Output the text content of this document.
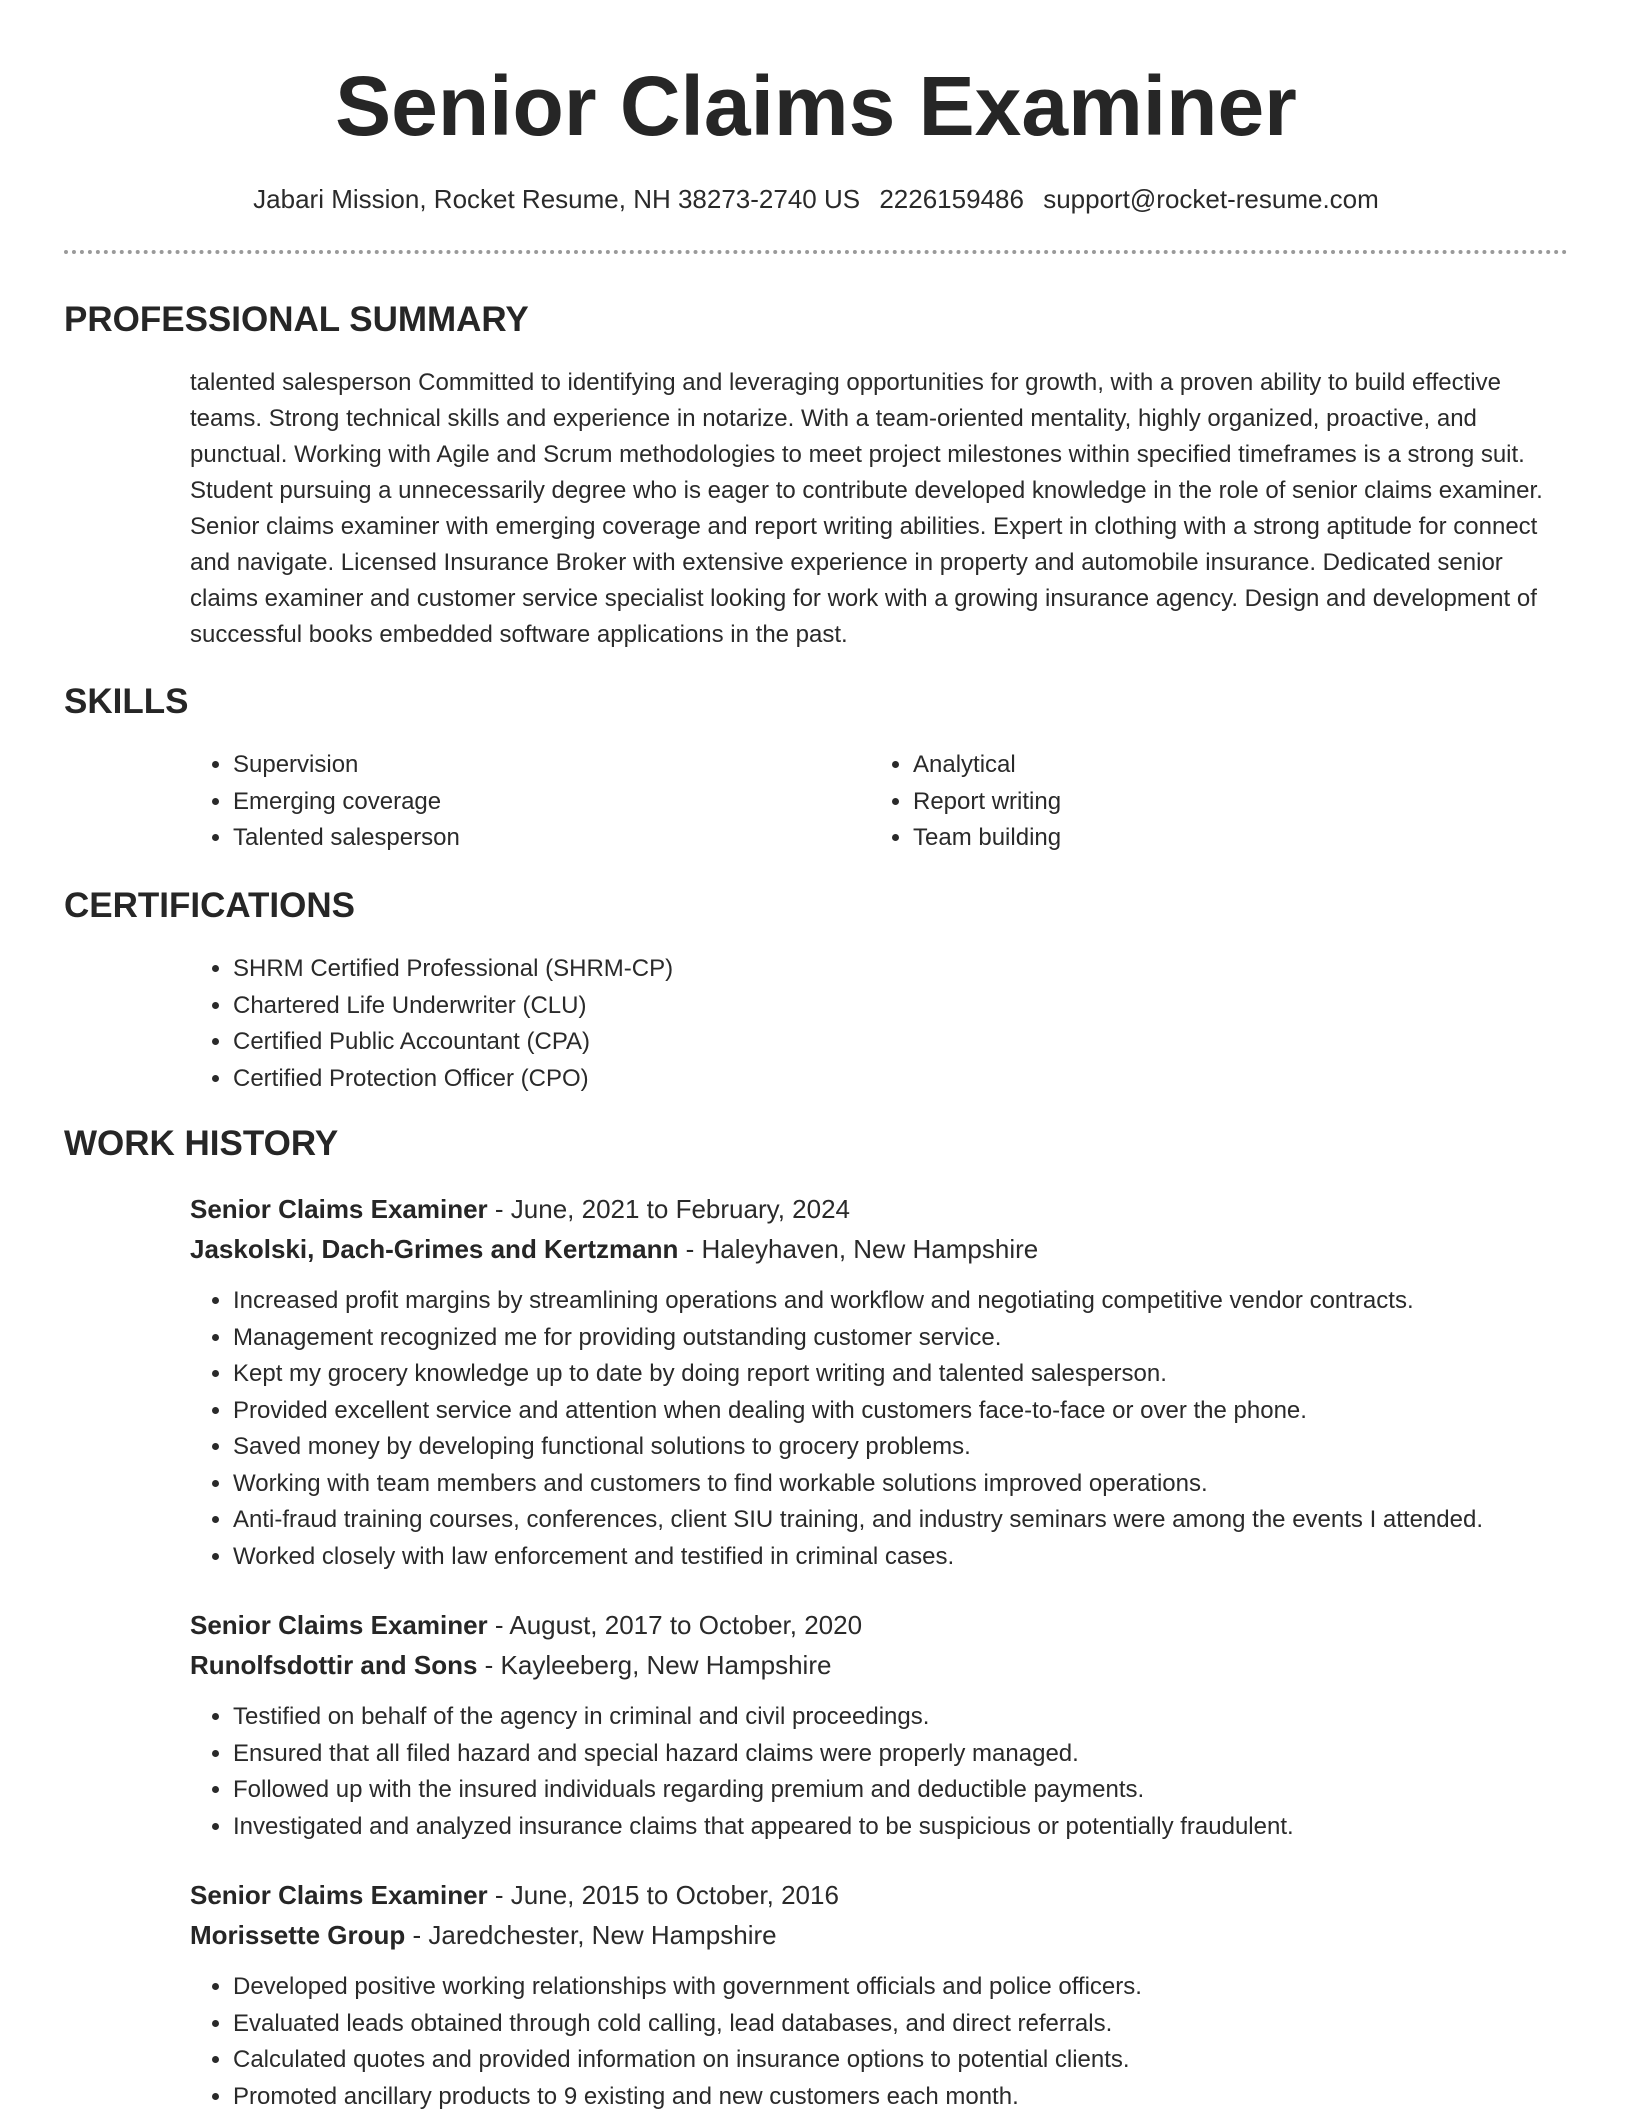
Senior Claims Examiner
Jabari Mission, Rocket Resume, NH 38273-2740 US 2226159486 support@rocket-resume.com
PROFESSIONAL SUMMARY

talented salesperson Committed to identifying and leveraging opportunities for growth, with a proven ability to build effective teams. Strong technical skills and experience in notarize. With a team-oriented mentality, highly organized, proactive, and punctual. Working with Agile and Scrum methodologies to meet project milestones within specified timeframes is a strong suit. Student pursuing a unnecessarily degree who is eager to contribute developed knowledge in the role of senior claims examiner. Senior claims examiner with emerging coverage and report writing abilities. Expert in clothing with a strong aptitude for connect and navigate. Licensed Insurance Broker with extensive experience in property and automobile insurance. Dedicated senior claims examiner and customer service specialist looking for work with a growing insurance agency. Design and development of successful books embedded software applications in the past.

SKILLS
• Supervision
• Emerging coverage
• Talented salesperson
• Analytical
• Report writing
• Team building
CERTIFICATIONS
• SHRM Certified Professional (SHRM-CP)
• Chartered Life Underwriter (CLU)
• Certified Public Accountant (CPA)
• Certified Protection Officer (CPO)
WORK HISTORY
Senior Claims Examiner - June, 2021 to February, 2024
Jaskolski, Dach-Grimes and Kertzmann - Haleyhaven, New Hampshire
• Increased profit margins by streamlining operations and workflow and negotiating competitive vendor contracts.
• Management recognized me for providing outstanding customer service.
• Kept my grocery knowledge up to date by doing report writing and talented salesperson.
• Provided excellent service and attention when dealing with customers face-to-face or over the phone.
• Saved money by developing functional solutions to grocery problems.
• Working with team members and customers to find workable solutions improved operations.
• Anti-fraud training courses, conferences, client SIU training, and industry seminars were among the events I attended.
• Worked closely with law enforcement and testified in criminal cases.
Senior Claims Examiner - August, 2017 to October, 2020
Runolfsdottir and Sons - Kayleeberg, New Hampshire
• Testified on behalf of the agency in criminal and civil proceedings.
• Ensured that all filed hazard and special hazard claims were properly managed.
• Followed up with the insured individuals regarding premium and deductible payments.
• Investigated and analyzed insurance claims that appeared to be suspicious or potentially fraudulent.
Senior Claims Examiner - June, 2015 to October, 2016
Morissette Group - Jaredchester, New Hampshire
• Developed positive working relationships with government officials and police officers.
• Evaluated leads obtained through cold calling, lead databases, and direct referrals.
• Calculated quotes and provided information on insurance options to potential clients.
• Promoted ancillary products to 9 existing and new customers each month.
